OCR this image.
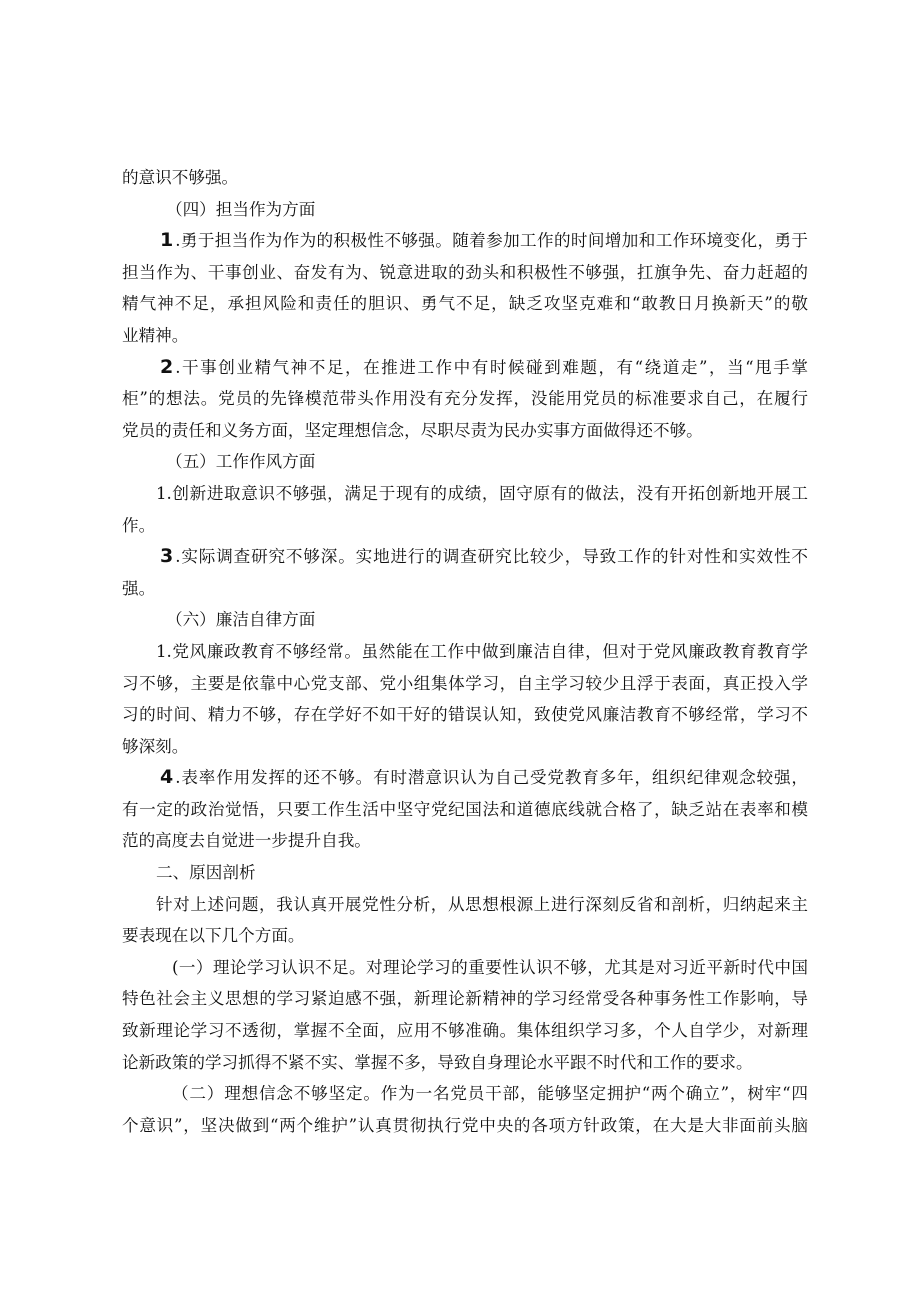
的意识不够强。
（四）担当作为方面
1.勇于担当作为作为的积极性不够强。随着参加工作的时间增加和工作环境变化，勇于
担当作为、干事创业、奋发有为、锐意进取的劲头和积极性不够强，扛旗争先、奋力赶超的
精气神不足，承担风险和责任的胆识、勇气不足，缺乏攻坚克难和“敢教日月换新天”的敬
业精神。
2.干事创业精气神不足，在推进工作中有时候碰到难题，有“绕道走”，当“甩手掌
柜”的想法。党员的先锋模范带头作用没有充分发挥，没能用党员的标准要求自己，在履行
党员的责任和义务方面，坚定理想信念，尽职尽责为民办实事方面做得还不够。
（五）工作作风方面
1.创新进取意识不够强，满足于现有的成绩，固守原有的做法，没有开拓创新地开展工
作。
3.实际调查研究不够深。实地进行的调查研究比较少，导致工作的针对性和实效性不
强。
（六）廉洁自律方面
1.党风廉政教育不够经常。虽然能在工作中做到廉洁自律，但对于党风廉政教育教育学
习不够，主要是依靠中心党支部、党小组集体学习，自主学习较少且浮于表面，真正投入学
习的时间、精力不够，存在学好不如干好的错误认知，致使党风廉洁教育不够经常，学习不
够深刻。
4.表率作用发挥的还不够。有时潜意识认为自己受党教育多年，组织纪律观念较强，
有一定的政治觉悟，只要工作生活中坚守党纪国法和道德底线就合格了，缺乏站在表率和模
范的高度去自觉进一步提升自我。
二、原因剖析
针对上述问题，我认真开展党性分析，从思想根源上进行深刻反省和剖析，归纳起来主
要表现在以下几个方面。
(一）理论学习认识不足。对理论学习的重要性认识不够，尤其是对习近平新时代中国
特色社会主义思想的学习紧迫感不强，新理论新精神的学习经常受各种事务性工作影响，导
致新理论学习不透彻，掌握不全面，应用不够准确。集体组织学习多，个人自学少，对新理
论新政策的学习抓得不紧不实、掌握不多，导致自身理论水平跟不时代和工作的要求。
（二）理想信念不够坚定。作为一名党员干部，能够坚定拥护“两个确立”，树牢“四
个意识”，坚决做到“两个维护”认真贯彻执行党中央的各项方针政策，在大是大非面前头脑
